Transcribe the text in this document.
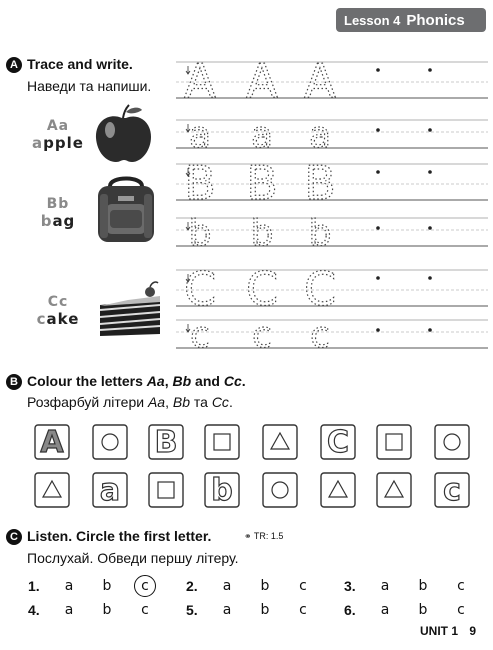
Lesson 4 Phonics
A Trace and write.
Наведи та напиши.
Aa
apple
Bb
bag
Cc
cake
A A A
a a a
B B B
b b b
C C C
c c c
B Colour the letters Aa, Bb and Cc.
Розфарбуй літери Aa, Bb та Cc.
A	B	C
a	b	c
C Listen. Circle the first letter.	⚭ TR: 1.5
Послухай. Обведи першу літеру.
1.	a	b	c	2.	a	b	c	3.	a	b	c
4.	a	b	c	5.	a	b	c	6.	a	b	c
UNIT 1 9
